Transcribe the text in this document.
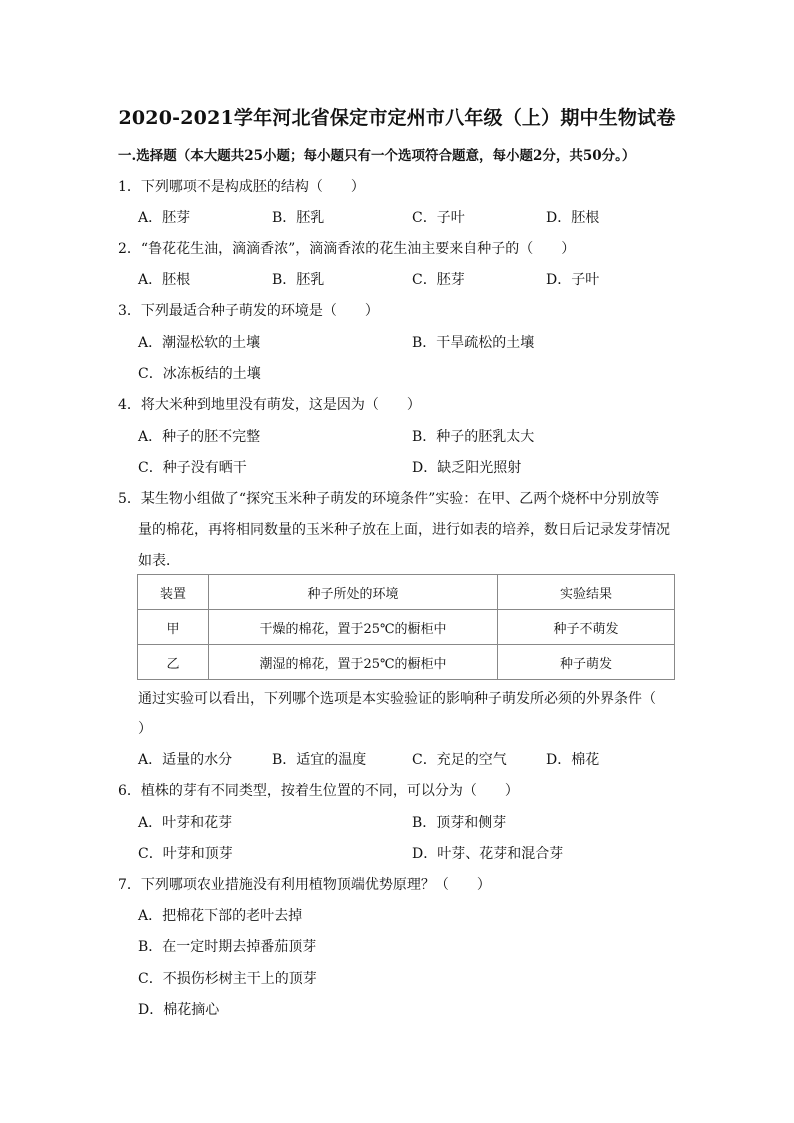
2020-2021学年河北省保定市定州市八年级（上）期中生物试卷
一.选择题（本大题共25小题；每小题只有一个选项符合题意，每小题2分，共50分。）
1．下列哪项不是构成胚的结构（　　）
A．胚芽	B．胚乳	C．子叶	D．胚根
2．“鲁花花生油，滴滴香浓”，滴滴香浓的花生油主要来自种子的（　　）
A．胚根	B．胚乳	C．胚芽	D．子叶
3．下列最适合种子萌发的环境是（　　）
A．潮湿松软的土壤	B．干旱疏松的土壤
C．冰冻板结的土壤
4．将大米种到地里没有萌发，这是因为（　　）
A．种子的胚不完整	B．种子的胚乳太大
C．种子没有晒干	D．缺乏阳光照射
5．某生物小组做了“探究玉米种子萌发的环境条件”实验：在甲、乙两个烧杯中分别放等
量的棉花，再将相同数量的玉米种子放在上面，进行如表的培养，数日后记录发芽情况
如表．
装置	种子所处的环境	实验结果
甲	干燥的棉花，置于25℃的橱柜中	种子不萌发
乙	潮湿的棉花，置于25℃的橱柜中	种子萌发
通过实验可以看出，下列哪个选项是本实验验证的影响种子萌发所必须的外界条件（
）
A．适量的水分	B．适宜的温度	C．充足的空气	D．棉花
6．植株的芽有不同类型，按着生位置的不同，可以分为（　　）
A．叶芽和花芽	B．顶芽和侧芽
C．叶芽和顶芽	D．叶芽、花芽和混合芽
7．下列哪项农业措施没有利用植物顶端优势原理？（　　）
A．把棉花下部的老叶去掉
B．在一定时期去掉番茄顶芽
C．不损伤杉树主干上的顶芽
D．棉花摘心
